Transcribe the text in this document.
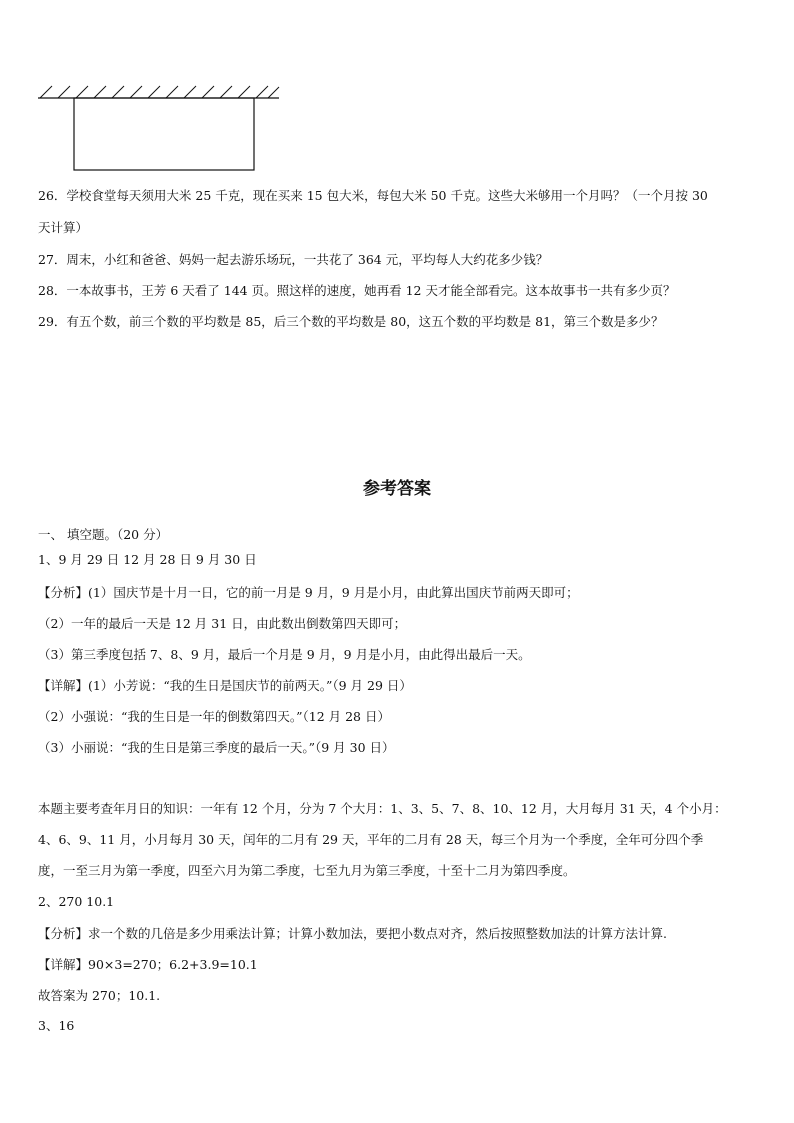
26．学校食堂每天须用大米 25 千克，现在买来 15 包大米，每包大米 50 千克。这些大米够用一个月吗？（一个月按 30
天计算）
27．周末，小红和爸爸、妈妈一起去游乐场玩，一共花了 364 元，平均每人大约花多少钱？
28．一本故事书，王芳 6 天看了 144 页。照这样的速度，她再看 12 天才能全部看完。这本故事书一共有多少页？
29．有五个数，前三个数的平均数是 85，后三个数的平均数是 80，这五个数的平均数是 81，第三个数是多少？
参考答案
一、 填空题。（20 分）
1、9 月 29 日 12 月 28 日 9 月 30 日
【分析】(1）国庆节是十月一日，它的前一月是 9 月，9 月是小月，由此算出国庆节前两天即可；
（2）一年的最后一天是 12 月 31 日，由此数出倒数第四天即可；
（3）第三季度包括 7、8、9 月，最后一个月是 9 月，9 月是小月，由此得出最后一天。
【详解】(1）小芳说：“我的生日是国庆节的前两天。”（9 月 29 日）
（2）小强说：“我的生日是一年的倒数第四天。”（12 月 28 日）
（3）小丽说：“我的生日是第三季度的最后一天。”（9 月 30 日）
本题主要考查年月日的知识：一年有 12 个月，分为 7 个大月：1、3、5、7、8、10、12 月，大月每月 31 天，4 个小月：
4、6、9、11 月，小月每月 30 天，闰年的二月有 29 天，平年的二月有 28 天，每三个月为一个季度，全年可分四个季
度，一至三月为第一季度，四至六月为第二季度，七至九月为第三季度，十至十二月为第四季度。
2、270 10.1
【分析】求一个数的几倍是多少用乘法计算；计算小数加法，要把小数点对齐，然后按照整数加法的计算方法计算.
【详解】90×3=270；6.2+3.9=10.1
故答案为 270；10.1.
3、16
